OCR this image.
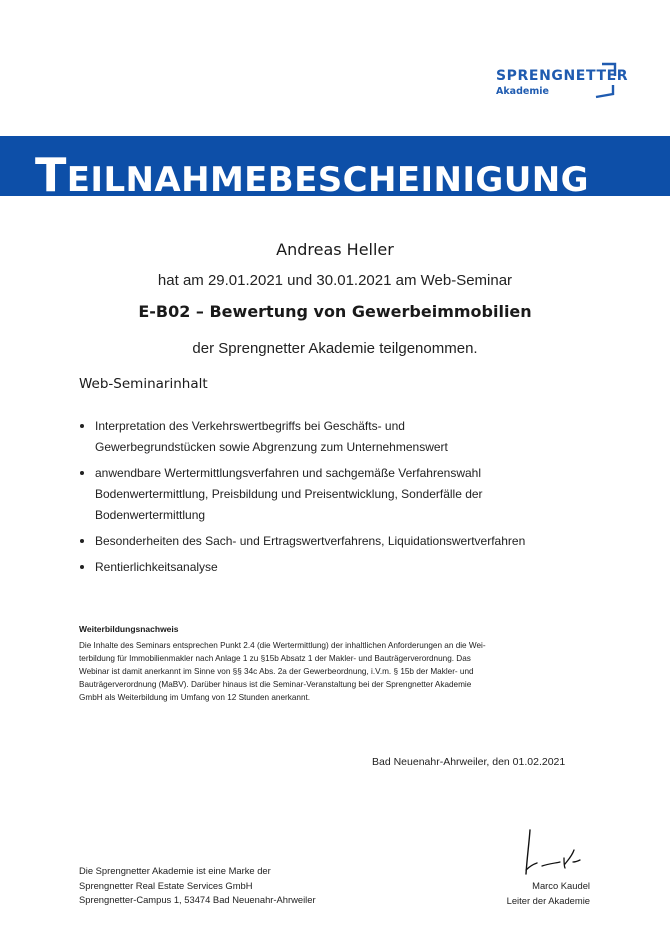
SPRENGNETTER
Akademie
TEILNAHMEBESCHEINIGUNG
Andreas Heller
hat am 29.01.2021 und 30.01.2021 am Web-Seminar
E-B02 – Bewertung von Gewerbeimmobilien
der Sprengnetter Akademie teilgenommen.
Web-Seminarinhalt
Interpretation des Verkehrswertbegriffs bei Geschäfts- und
Gewerbegrundstücken sowie Abgrenzung zum Unternehmenswert
anwendbare Wertermittlungsverfahren und sachgemäße Verfahrenswahl
Bodenwertermittlung, Preisbildung und Preisentwicklung, Sonderfälle der
Bodenwertermittlung
Besonderheiten des Sach- und Ertragswertverfahrens, Liquidationswertverfahren
Rentierlichkeitsanalyse
Weiterbildungsnachweis
Die Inhalte des Seminars entsprechen Punkt 2.4 (die Wertermittlung) der inhaltlichen Anforderungen an die Wei-
terbildung für Immobilienmakler nach Anlage 1 zu §15b Absatz 1 der Makler- und Bauträgerverordnung. Das
Webinar ist damit anerkannt im Sinne von §§ 34c Abs. 2a der Gewerbeordnung, i.V.m. § 15b der Makler- und
Bauträgerverordnung (MaBV). Darüber hinaus ist die Seminar-Veranstaltung bei der Sprengnetter Akademie
GmbH als Weiterbildung im Umfang von 12 Stunden anerkannt.
Bad Neuenahr-Ahrweiler, den 01.02.2021
Die Sprengnetter Akademie ist eine Marke der
Sprengnetter Real Estate Services GmbH
Sprengnetter-Campus 1, 53474 Bad Neuenahr-Ahrweiler
Marco Kaudel
Leiter der Akademie
